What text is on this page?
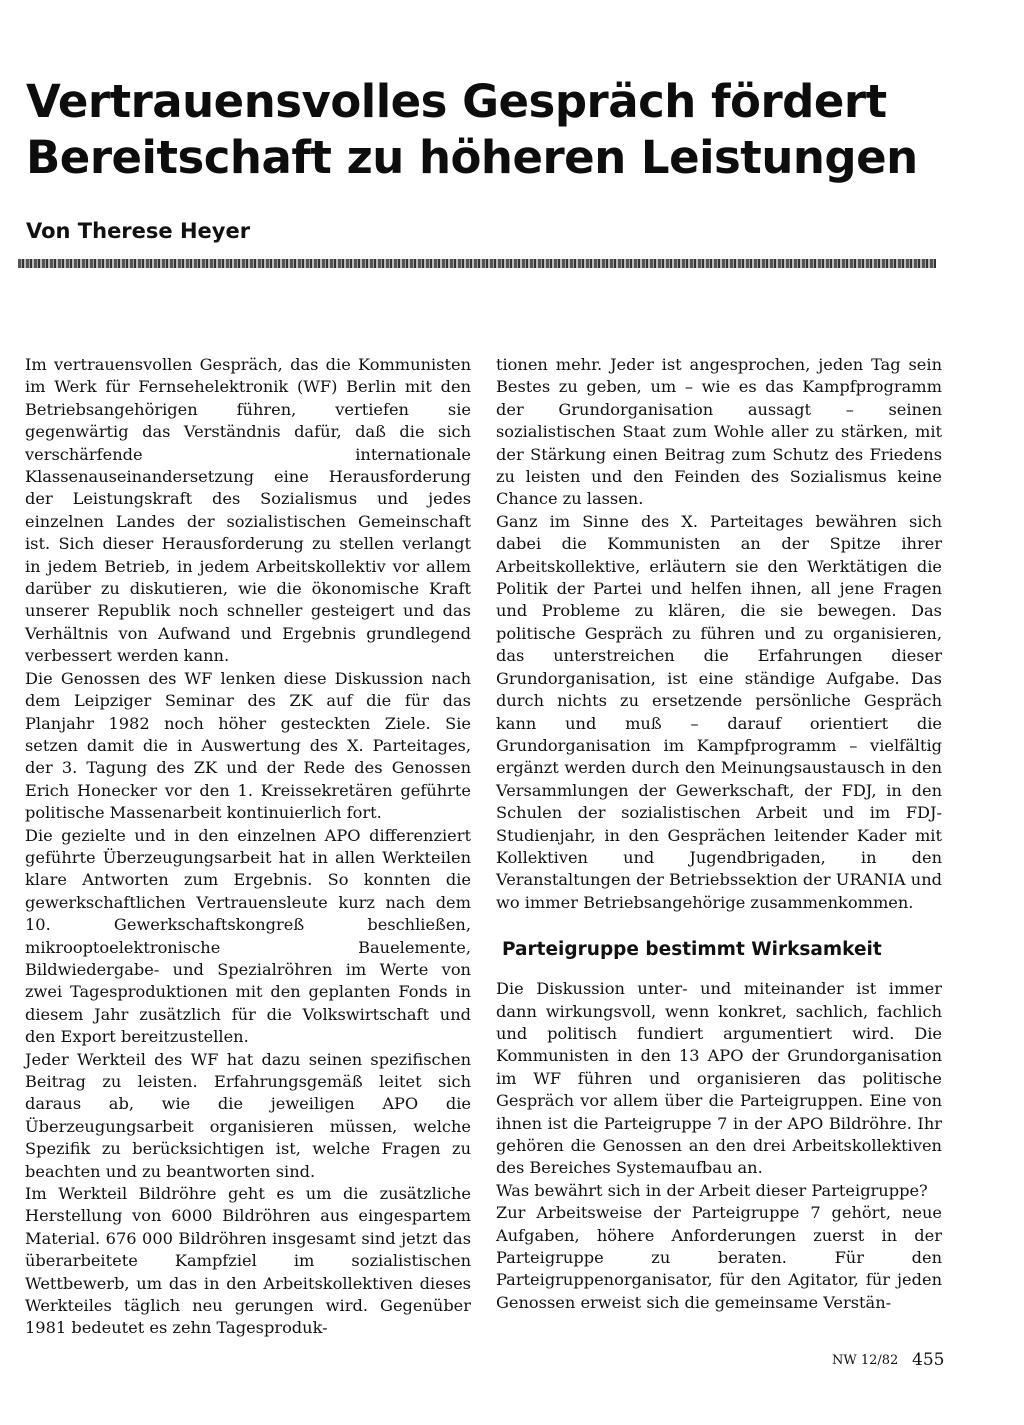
Vertrauensvolles Gespräch fördert Bereitschaft zu höheren Leistungen
Von Therese Heyer

Im vertrauensvollen Gespräch, das die Kommunisten im Werk für Fernsehelektronik (WF) Berlin mit den Betriebsangehörigen führen, vertiefen sie gegenwärtig das Verständnis dafür, daß die sich verschärfende internationale Klassenauseinandersetzung eine Herausforderung der Leistungskraft des Sozialismus und jedes einzelnen Landes der sozialistischen Gemeinschaft ist. Sich dieser Herausforderung zu stellen verlangt in jedem Betrieb, in jedem Arbeitskollektiv vor allem darüber zu diskutieren, wie die ökonomische Kraft unserer Republik noch schneller gesteigert und das Verhältnis von Aufwand und Ergebnis grundlegend verbessert werden kann.

Die Genossen des WF lenken diese Diskussion nach dem Leipziger Seminar des ZK auf die für das Planjahr 1982 noch höher gesteckten Ziele. Sie setzen damit die in Auswertung des X. Parteitages, der 3. Tagung des ZK und der Rede des Genossen Erich Honecker vor den 1. Kreissekretären geführte politische Massenarbeit kontinuierlich fort.

Die gezielte und in den einzelnen APO differenziert geführte Überzeugungsarbeit hat in allen Werkteilen klare Antworten zum Ergebnis. So konnten die gewerkschaftlichen Vertrauensleute kurz nach dem 10. Gewerkschaftskongreß beschließen, mikrooptoelektronische Bauelemente, Bildwiedergabe- und Spezialröhren im Werte von zwei Tagesproduktionen mit den geplanten Fonds in diesem Jahr zusätzlich für die Volkswirtschaft und den Export bereitzustellen.

Jeder Werkteil des WF hat dazu seinen spezifischen Beitrag zu leisten. Erfahrungsgemäß leitet sich daraus ab, wie die jeweiligen APO die Überzeugungsarbeit organisieren müssen, welche Spezifik zu berücksichtigen ist, welche Fragen zu beachten und zu beantworten sind.

Im Werkteil Bildröhre geht es um die zusätzliche Herstellung von 6000 Bildröhren aus eingespartem Material. 676 000 Bildröhren insgesamt sind jetzt das überarbeitete Kampfziel im sozialistischen Wettbewerb, um das in den Arbeitskollektiven dieses Werkteiles täglich neu gerungen wird. Gegenüber 1981 bedeutet es zehn Tagesproduk-

tionen mehr. Jeder ist angesprochen, jeden Tag sein Bestes zu geben, um – wie es das Kampfprogramm der Grundorganisation aussagt – seinen sozialistischen Staat zum Wohle aller zu stärken, mit der Stärkung einen Beitrag zum Schutz des Friedens zu leisten und den Feinden des Sozialismus keine Chance zu lassen.

Ganz im Sinne des X. Parteitages bewähren sich dabei die Kommunisten an der Spitze ihrer Arbeitskollektive, erläutern sie den Werktätigen die Politik der Partei und helfen ihnen, all jene Fragen und Probleme zu klären, die sie bewegen. Das politische Gespräch zu führen und zu organisieren, das unterstreichen die Erfahrungen dieser Grundorganisation, ist eine ständige Aufgabe. Das durch nichts zu ersetzende persönliche Gespräch kann und muß – darauf orientiert die Grundorganisation im Kampfprogramm – vielfältig ergänzt werden durch den Meinungsaustausch in den Versammlungen der Gewerkschaft, der FDJ, in den Schulen der sozialistischen Arbeit und im FDJ-Studienjahr, in den Gesprächen leitender Kader mit Kollektiven und Jugendbrigaden, in den Veranstaltungen der Betriebssektion der URANIA und wo immer Betriebsangehörige zusammenkommen.

Parteigruppe bestimmt Wirksamkeit

Die Diskussion unter- und miteinander ist immer dann wirkungsvoll, wenn konkret, sachlich, fachlich und politisch fundiert argumentiert wird. Die Kommunisten in den 13 APO der Grundorganisation im WF führen und organisieren das politische Gespräch vor allem über die Parteigruppen. Eine von ihnen ist die Parteigruppe 7 in der APO Bildröhre. Ihr gehören die Genossen an den drei Arbeitskollektiven des Bereiches Systemaufbau an.

Was bewährt sich in der Arbeit dieser Parteigruppe?

Zur Arbeitsweise der Parteigruppe 7 gehört, neue Aufgaben, höhere Anforderungen zuerst in der Parteigruppe zu beraten. Für den Parteigruppenorganisator, für den Agitator, für jeden Genossen erweist sich die gemeinsame Verstän-

NW 12/82 455
